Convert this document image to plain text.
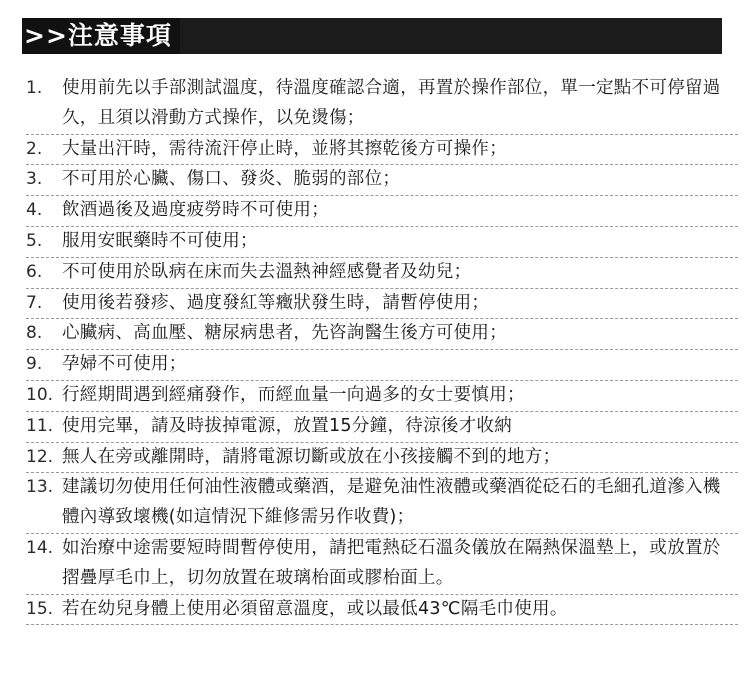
>>注意事項
1.	使用前先以手部測試溫度，待溫度確認合適，再置於操作部位，單一定點不可停留過久，且須以滑動方式操作，以免燙傷；
2.	大量出汗時，需待流汗停止時，並將其擦乾後方可操作；
3.	不可用於心臟、傷口、發炎、脆弱的部位；
4.	飲酒過後及過度疲勞時不可使用；
5.	服用安眠藥時不可使用；
6.	不可使用於臥病在床而失去溫熱神經感覺者及幼兒；
7.	使用後若發疹、過度發紅等癥狀發生時，請暫停使用；
8.	心臟病、高血壓、糖尿病患者，先咨詢醫生後方可使用；
9.	孕婦不可使用；
10. 行經期間遇到經痛發作，而經血量一向過多的女士要慎用；
11. 使用完畢，請及時拔掉電源，放置15分鐘，待涼後才收納
12. 無人在旁或離開時，請將電源切斷或放在小孩接觸不到的地方；
13. 建議切勿使用任何油性液體或藥酒，是避免油性液體或藥酒從砭石的毛細孔道滲入機體內導致壞機(如這情況下維修需另作收費)；
14. 如治療中途需要短時間暫停使用，請把電熱砭石溫灸儀放在隔熱保溫墊上，或放置於摺疊厚毛巾上，切勿放置在玻璃枱面或膠枱面上。
15. 若在幼兒身體上使用必須留意溫度，或以最低43℃隔毛巾使用。
